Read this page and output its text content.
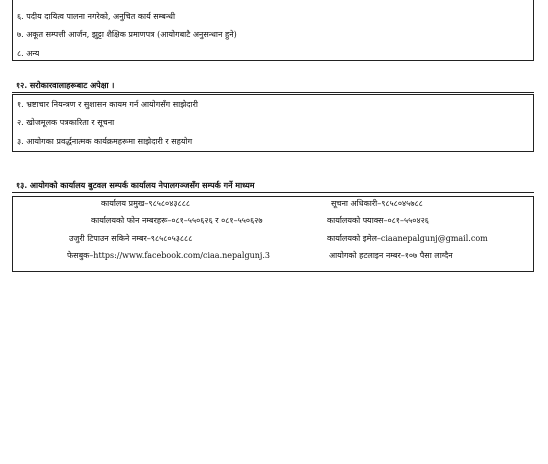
६. पदीय दायित्व पालना नगरेको, अनुचित कार्य सम्बन्धी
७. अकूत सम्पत्ती आर्जन, झुट्टा शैक्षिक प्रमाणपत्र (आयोगबाटै अनुसन्धान हुने)
८. अन्य
१२. सरोकारवालाहरूबाट अपेक्षा ।
१. भ्रष्टाचार नियन्त्रण र सुशासन कायम गर्न आयोगसँग साझेदारी
२. खोजमूलक पत्रकारिता र सूचना
३. आयोगका प्रवर्द्धनात्मक कार्यक्रमहरूमा साझेदारी र सहयोग
१३. आयोगको कार्यालय बुटवल सम्पर्क कार्यालय नेपालगञ्जसँग सम्पर्क गर्ने माध्यम
कार्यालय प्रमुख–९८५८०४३८८८	सूचना अधिकारी–९८५८०४५७८८
कार्यालयको फोन नम्बरहरू–०८१–५५०६२६ र ०८१–५५०६२७	कार्यालयको फ्याक्स–०८१–५५०४२६
उजुरी टिपाउन सकिने नम्बर–९८५८०५३८८८	कार्यालयको इमेल–ciaanepalgunj@gmail.com
फेसबुक–https://www.facebook.com/ciaa.nepalgunj.3	आयोगको हटलाइन नम्बर–१०७ पैसा लाग्दैन
